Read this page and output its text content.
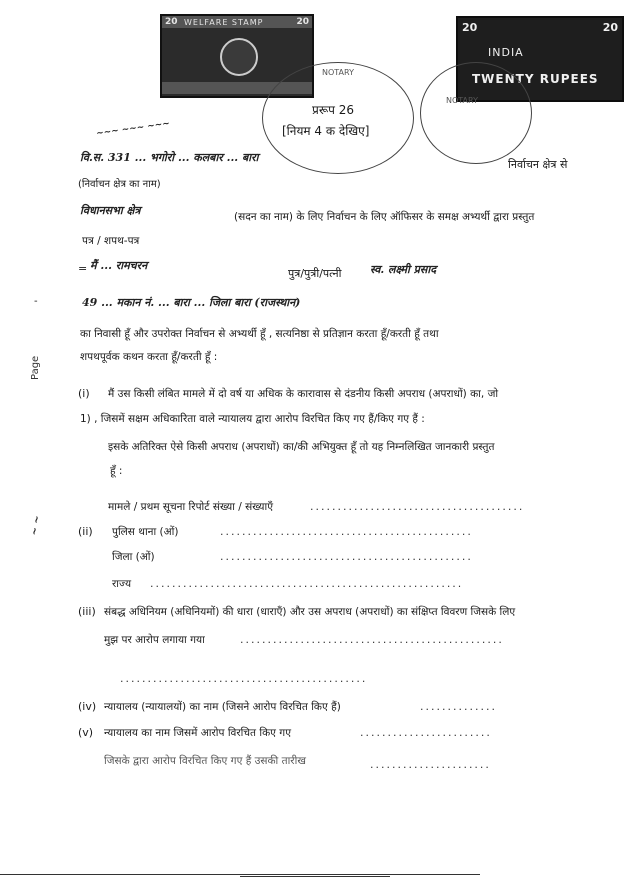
WELFARE STAMP
20	20	20	20
INDIA
TWENTY RUPEES
NOTARY
NOTARY
प्ररूप 26
[नियम 4 क देखिए]
~~~ ~~~ ~~~
वि.स. 331 ... भगोरो ... कलबार ... बारा
निर्वाचन क्षेत्र से
(निर्वाचन क्षेत्र का नाम)
विधानसभा क्षेत्र	(सदन का नाम) के लिए निर्वाचन के लिए ऑफिसर के समक्ष अभ्यर्थी द्वारा प्रस्तुत
पत्र / शपथ-पत्र
= मैं ... रामचरन
पुत्र/पुत्री/पत्नी	स्व. लक्ष्मी प्रसाद
49 ... मकान नं. ... बारा ... जिला बारा (राजस्थान)
का निवासी हूँ और उपरोक्त निर्वाचन से अभ्यर्थी हूँ , सत्यनिष्ठा से प्रतिज्ञान करता हूँ/करती हूँ तथा
शपथपूर्वक कथन करता हूँ/करती हूँ :
(i) मैं उस किसी लंबित मामले में दो वर्ष या अधिक के कारावास से दंडनीय किसी अपराध (अपराधों) का, जो
1) , जिसमें सक्षम अधिकारिता वाले न्यायालय द्वारा आरोप विरचित किए गए हैं/किए गए हैं :
इसके अतिरिक्त ऐसे किसी अपराध (अपराधों) का/की अभियुक्त हूँ तो यह निम्नलिखित जानकारी प्रस्तुत
हूँ :
मामले / प्रथम सूचना रिपोर्ट संख्या / संख्याएँ	.......................................
(ii) पुलिस थाना (ओं)	..............................................
जिला (ओं)	..............................................
राज्य .........................................................
(iii) संबद्ध अधिनियम (अधिनियमों) की धारा (धाराएँ) और उस अपराध (अपराधों) का संक्षिप्त विवरण जिसके लिए
मुझ पर आरोप लगाया गया	................................................
.............................................
(iv) न्यायालय (न्यायालयों) का नाम (जिसने आरोप विरचित किए हैं)	..............
(v) न्यायालय का नाम जिसमें आरोप विरचित किए गए	........................
जिसके द्वारा आरोप विरचित किए गए हैं उसकी तारीख	......................
Page
~ ~
-
